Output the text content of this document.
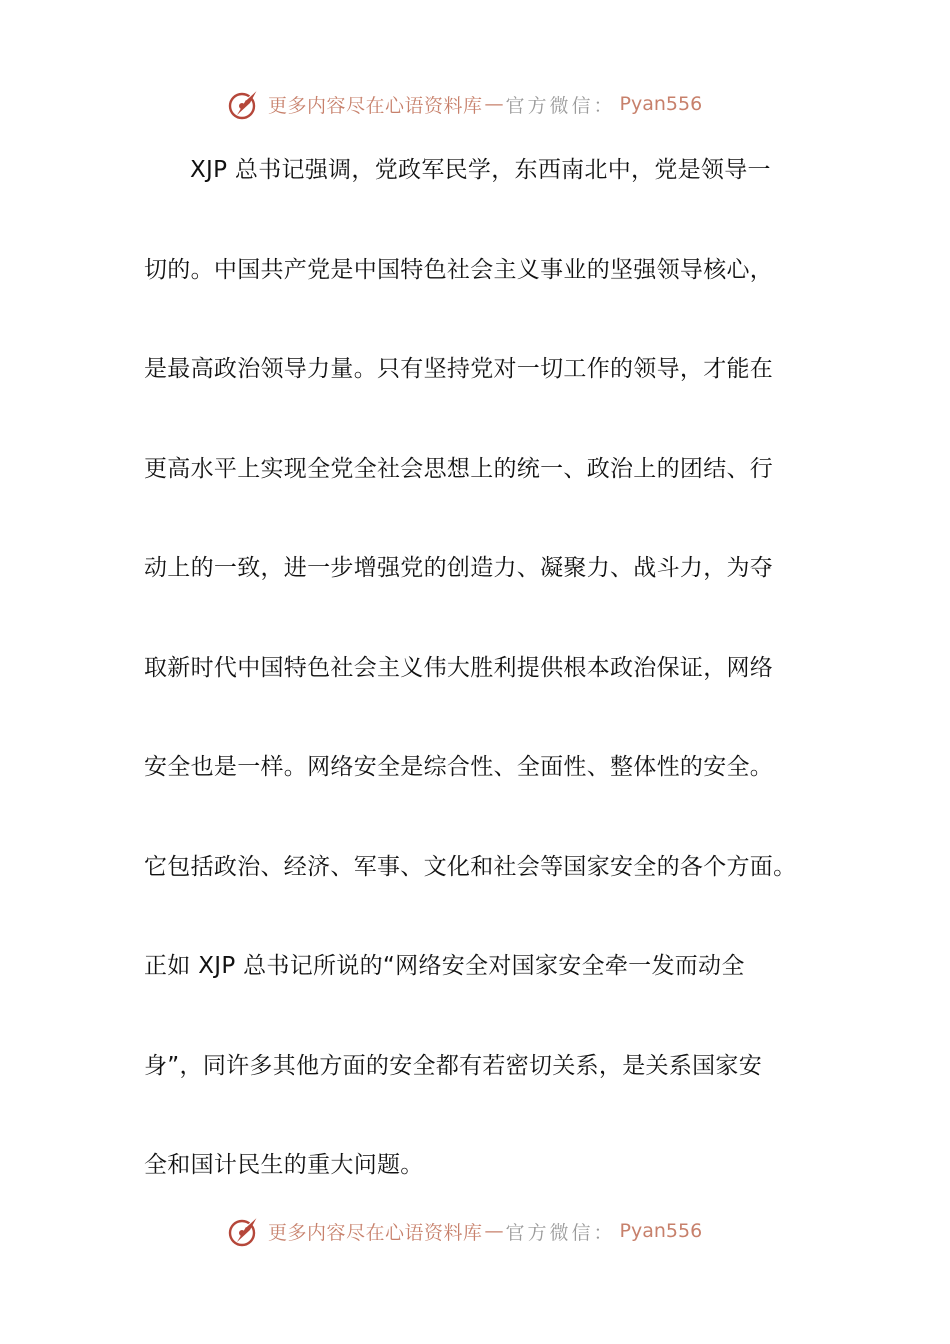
更多内容尽在心语资料库 — 官方微信： Pyan556
XJP 总书记强调，党政军民学，东西南北中，党是领导一
切的。中国共产党是中国特色社会主义事业的坚强领导核心，
是最高政治领导力量。只有坚持党对一切工作的领导，才能在
更高水平上实现全党全社会思想上的统一、政治上的团结、行
动上的一致，进一步增强党的创造力、凝聚力、战斗力，为夺
取新时代中国特色社会主义伟大胜利提供根本政治保证，网络
安全也是一样。网络安全是综合性、全面性、整体性的安全。
它包括政治、经济、军事、文化和社会等国家安全的各个方面。
正如 XJP 总书记所说的“网络安全对国家安全牵一发而动全
身”，同许多其他方面的安全都有若密切关系，是关系国家安
全和国计民生的重大问题。
更多内容尽在心语资料库 — 官方微信： Pyan556
